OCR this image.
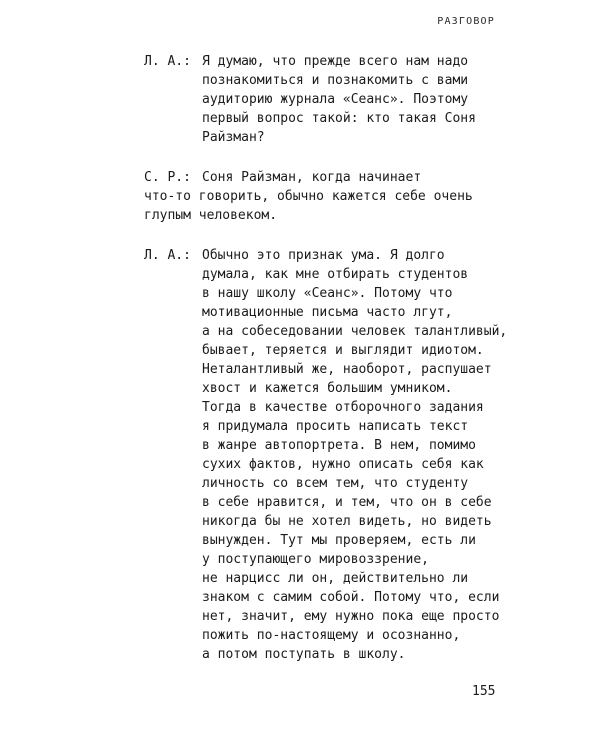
РАЗГОВОР
Л. А.: Я думаю, что прежде всего нам надо
познакомиться и познакомить с вами
аудиторию журнала «Сеанс». Поэтому
первый вопрос такой: кто такая Соня
Райзман?
С. Р.: Соня Райзман, когда начинает
что-то говорить, обычно кажется себе очень
глупым человеком.
Л. А.: Обычно это признак ума. Я долго
думала, как мне отбирать студентов
в нашу школу «Сеанс». Потому что
мотивационные письма часто лгут,
а на собеседовании человек талантливый,
бывает, теряется и выглядит идиотом.
Неталантливый же, наоборот, распушает
хвост и кажется большим умником.
Тогда в качестве отборочного задания
я придумала просить написать текст
в жанре автопортрета. В нем, помимо
сухих фактов, нужно описать себя как
личность со всем тем, что студенту
в себе нравится, и тем, что он в себе
никогда бы не хотел видеть, но видеть
вынужден. Тут мы проверяем, есть ли
у поступающего мировоззрение,
не нарцисс ли он, действительно ли
знаком с самим собой. Потому что, если
нет, значит, ему нужно пока еще просто
пожить по-настоящему и осознанно,
а потом поступать в школу.
155
